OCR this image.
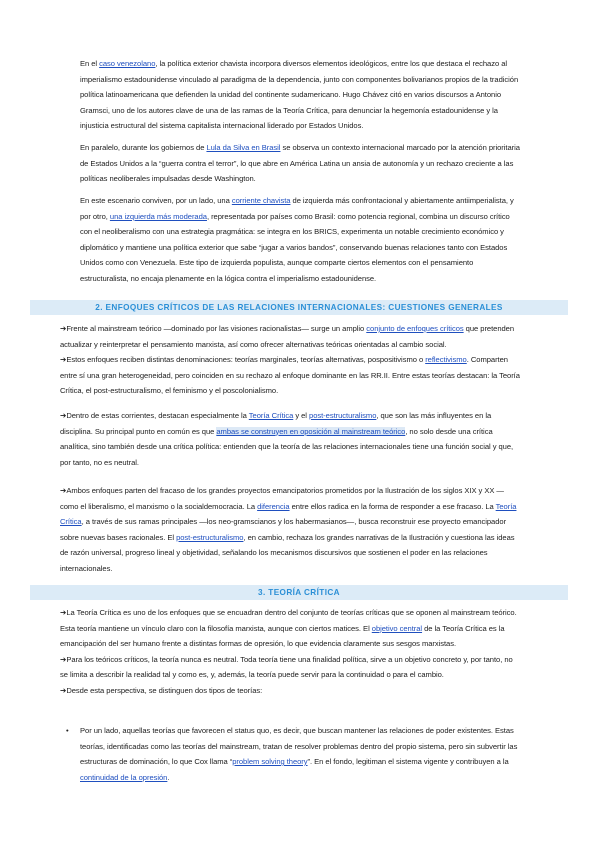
En el caso venezolano, la política exterior chavista incorpora diversos elementos ideológicos, entre los que destaca el rechazo al imperialismo estadounidense vinculado al paradigma de la dependencia, junto con componentes bolivarianos propios de la tradición política latinoamericana que defienden la unidad del continente sudamericano. Hugo Chávez citó en varios discursos a Antonio Gramsci, uno de los autores clave de una de las ramas de la Teoría Crítica, para denunciar la hegemonía estadounidense y la injusticia estructural del sistema capitalista internacional liderado por Estados Unidos.
En paralelo, durante los gobiernos de Lula da Silva en Brasil se observa un contexto internacional marcado por la atención prioritaria de Estados Unidos a la “guerra contra el terror”, lo que abre en América Latina un ansia de autonomía y un rechazo creciente a las políticas neoliberales impulsadas desde Washington.
En este escenario conviven, por un lado, una corriente chavista de izquierda más confrontacional y abiertamente antiimperialista, y por otro, una izquierda más moderada, representada por países como Brasil: como potencia regional, combina un discurso crítico con el neoliberalismo con una estrategia pragmática: se integra en los BRICS, experimenta un notable crecimiento económico y diplomático y mantiene una política exterior que sabe “jugar a varios bandos”, conservando buenas relaciones tanto con Estados Unidos como con Venezuela. Este tipo de izquierda populista, aunque comparte ciertos elementos con el pensamiento estructuralista, no encaja plenamente en la lógica contra el imperialismo estadounidense.
2. ENFOQUES CRÍTICOS DE LAS RELACIONES INTERNACIONALES: CUESTIONES GENERALES
➔Frente al mainstream teórico —dominado por las visiones racionalistas— surge un amplio conjunto de enfoques críticos que pretenden actualizar y reinterpretar el pensamiento marxista, así como ofrecer alternativas teóricas orientadas al cambio social.
➔Estos enfoques reciben distintas denominaciones: teorías marginales, teorías alternativas, pospositivismo o reflectivismo. Comparten entre sí una gran heterogeneidad, pero coinciden en su rechazo al enfoque dominante en las RR.II. Entre estas teorías destacan: la Teoría Crítica, el post-estructuralismo, el feminismo y el poscolonialismo.
➔Dentro de estas corrientes, destacan especialmente la Teoría Crítica y el post-estructuralismo, que son las más influyentes en la disciplina. Su principal punto en común es que ambas se construyen en oposición al mainstream teórico, no solo desde una crítica analítica, sino también desde una crítica política: entienden que la teoría de las relaciones internacionales tiene una función social y que, por tanto, no es neutral.
➔Ambos enfoques parten del fracaso de los grandes proyectos emancipatorios prometidos por la Ilustración de los siglos XIX y XX —como el liberalismo, el marxismo o la socialdemocracia. La diferencia entre ellos radica en la forma de responder a ese fracaso. La Teoría Crítica, a través de sus ramas principales —los neo-gramscianos y los habermasianos—, busca reconstruir ese proyecto emancipador sobre nuevas bases racionales. El post-estructuralismo, en cambio, rechaza los grandes narrativas de la Ilustración y cuestiona las ideas de razón universal, progreso lineal y objetividad, señalando los mecanismos discursivos que sostienen el poder en las relaciones internacionales.
3. TEORÍA CRÍTICA
➔La Teoría Crítica es uno de los enfoques que se encuadran dentro del conjunto de teorías críticas que se oponen al mainstream teórico. Esta teoría mantiene un vínculo claro con la filosofía marxista, aunque con ciertos matices. El objetivo central de la Teoría Crítica es la emancipación del ser humano frente a distintas formas de opresión, lo que evidencia claramente sus sesgos marxistas.
➔Para los teóricos críticos, la teoría nunca es neutral. Toda teoría tiene una finalidad política, sirve a un objetivo concreto y, por tanto, no se limita a describir la realidad tal y como es, y, además, la teoría puede servir para la continuidad o para el cambio.
➔Desde esta perspectiva, se distinguen dos tipos de teorías:
• Por un lado, aquellas teorías que favorecen el status quo, es decir, que buscan mantener las relaciones de poder existentes. Estas teorías, identificadas como las teorías del mainstream, tratan de resolver problemas dentro del propio sistema, pero sin subvertir las estructuras de dominación, lo que Cox llama “problem solving theory”. En el fondo, legitiman el sistema vigente y contribuyen a la continuidad de la opresión.
